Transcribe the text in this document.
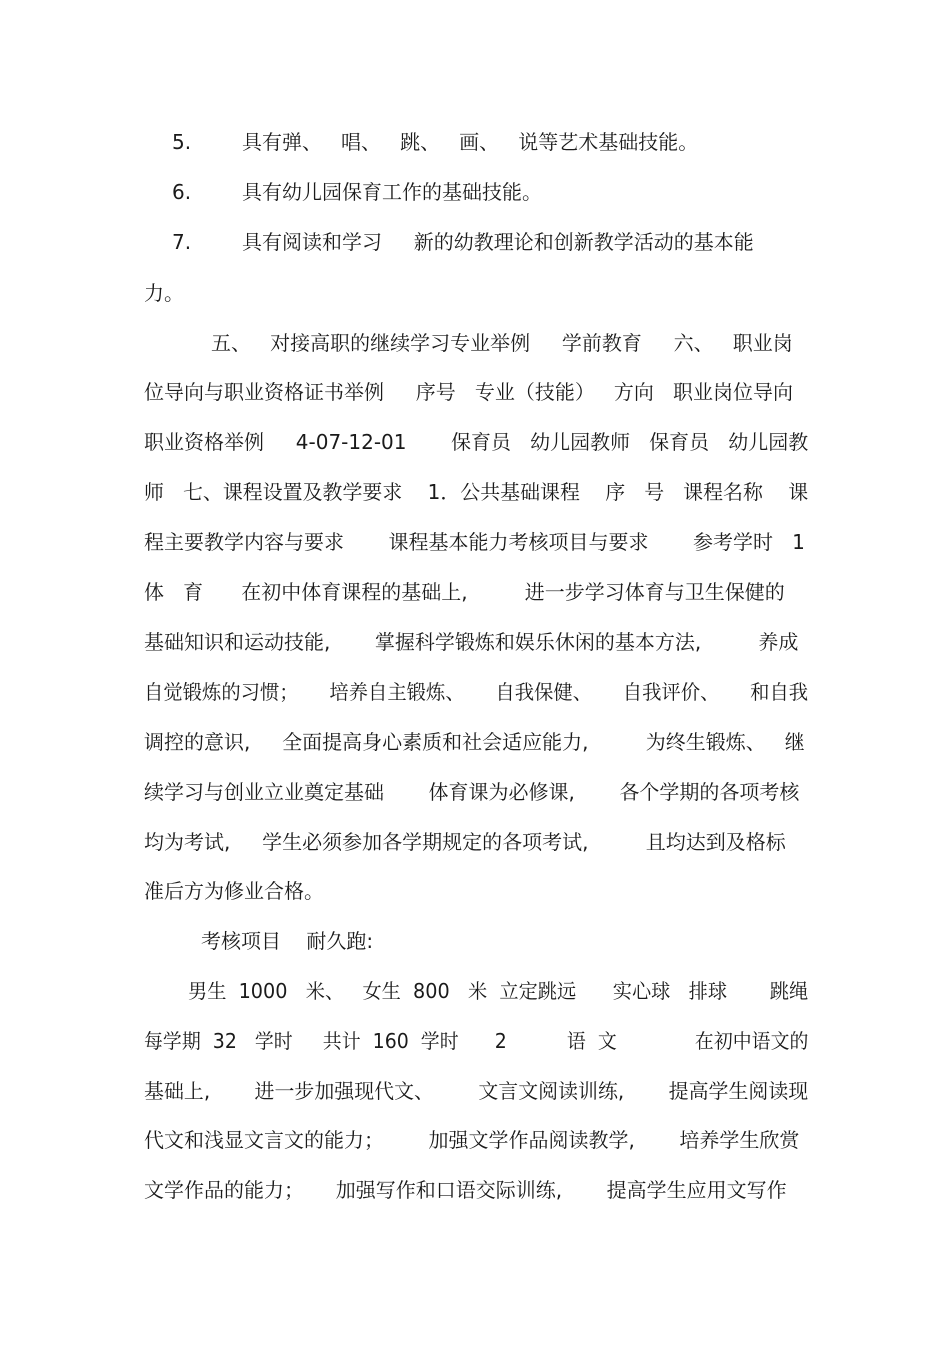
5.        具有弹、   唱、   跳、   画、   说等艺术基础技能。
6.        具有幼儿园保育工作的基础技能。
7.        具有阅读和学习     新的幼教理论和创新教学活动的基本能
力。
五、   对接高职的继续学习专业举例     学前教育     六、   职业岗
位导向与职业资格证书举例     序号   专业（技能）   方向   职业岗位导向
职业资格举例     4-07-12-01       保育员   幼儿园教师   保育员   幼儿园教
师   七、课程设置及教学要求    1．公共基础课程    序   号   课程名称    课
程主要教学内容与要求       课程基本能力考核项目与要求       参考学时   1
体   育      在初中体育课程的基础上,         进一步学习体育与卫生保健的
基础知识和运动技能,       掌握科学锻炼和娱乐休闲的基本方法,         养成
自觉锻炼的习惯；     培养自主锻炼、     自我保健、     自我评价、     和自我
调控的意识,     全面提高身心素质和社会适应能力,         为终生锻炼、   继
续学习与创业立业奠定基础       体育课为必修课,       各个学期的各项考核
均为考试,     学生必须参加各学期规定的各项考试,         且均达到及格标
准后方为修业合格。
考核项目    耐久跑:
男生  1000   米、   女生  800   米  立定跳远      实心球   排球       跳绳
每学期  32   学时     共计  160  学时      2          语  文             在初中语文的
基础上,       进一步加强现代文、       文言文阅读训练,       提高学生阅读现
代文和浅显文言文的能力；       加强文学作品阅读教学,       培养学生欣赏
文学作品的能力；     加强写作和口语交际训练,       提高学生应用文写作
